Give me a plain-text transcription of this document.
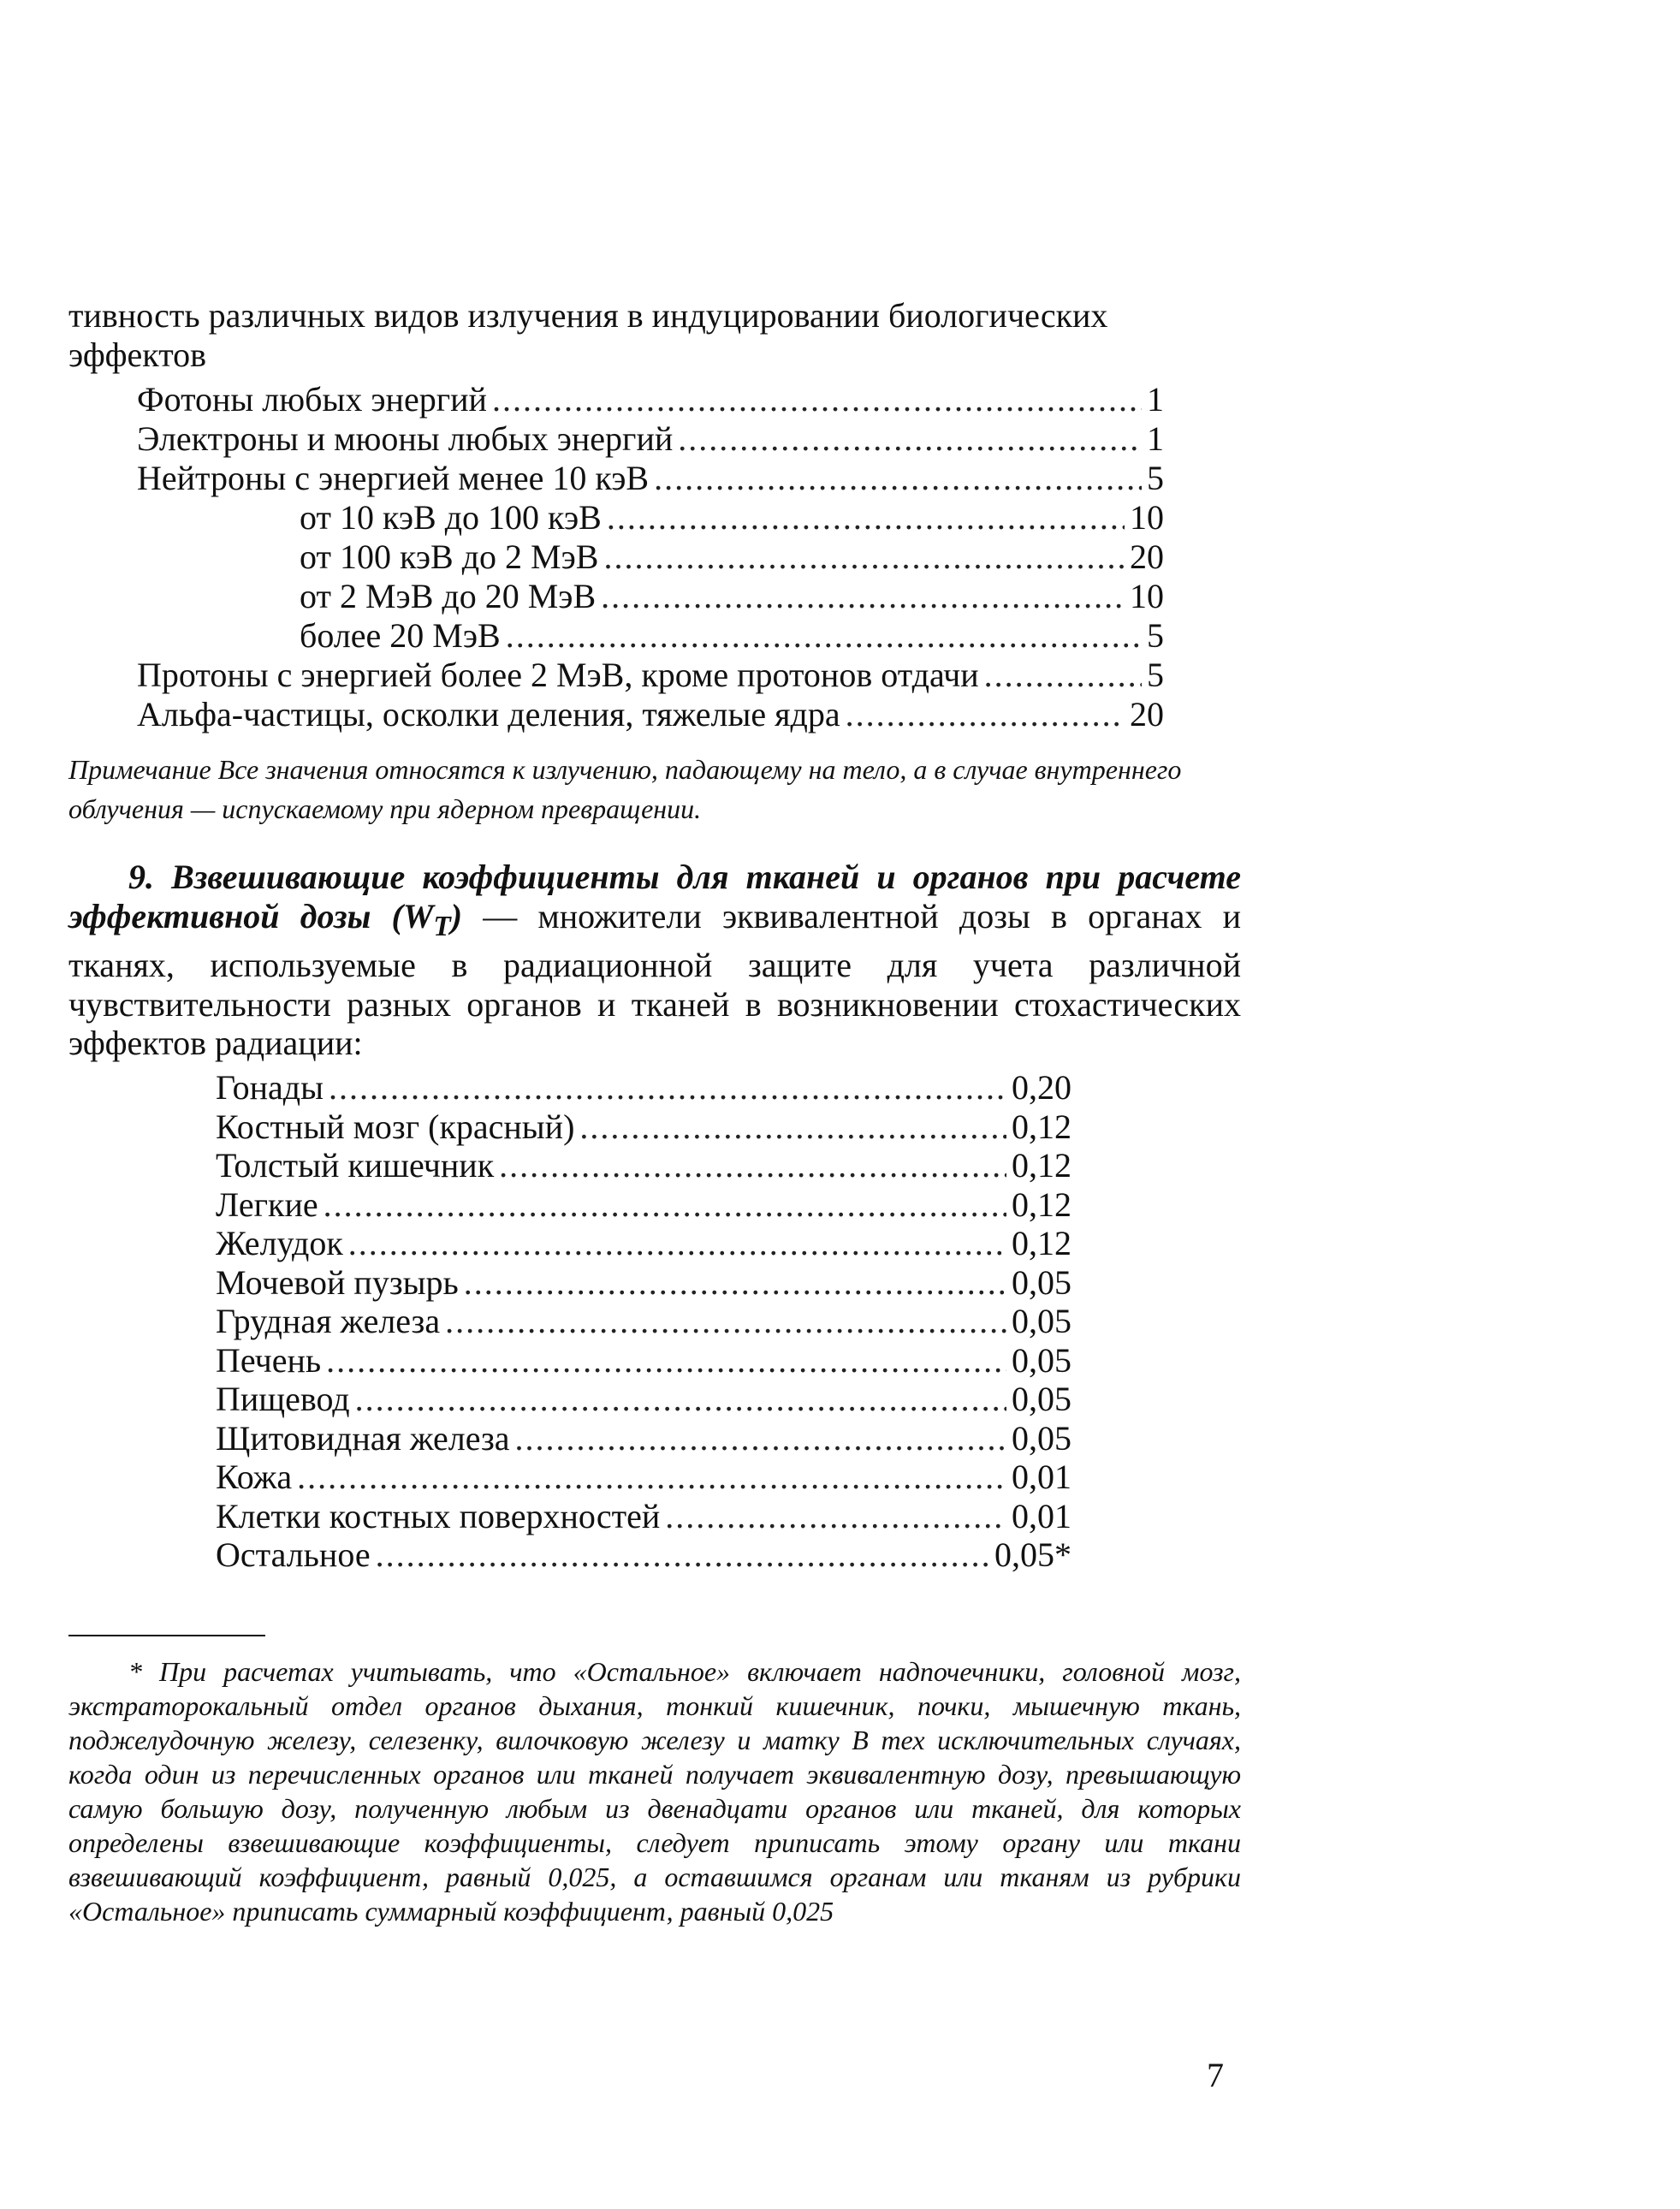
тивность различных видов излучения в индуцировании биологических эффектов
Фотоны любых энергий .....	1
Электроны и мюоны любых энергий .....	1
Нейтроны с энергией менее 10 кэВ .....	5
от 10 кэВ до 100 кэВ .....	10
от 100 кэВ до 2 МэВ .....	20
от 2 МэВ до 20 МэВ .....	10
более 20 МэВ .....	5
Протоны с энергией более 2 МэВ, кроме протонов отдачи .....	5
Альфа-частицы, осколки деления, тяжелые ядра .....	20
Примечание Все значения относятся к излучению, падающему на тело, а в случае внутреннего облучения — испускаемому при ядерном превращении.
9. Взвешивающие коэффициенты для тканей и органов при расчете эффективной дозы $(W_T)$ — множители эквивалентной дозы в органах и тканях, используемые в радиационной защите для учета различной чувствительности разных органов и тканей в возникновении стохастических эффектов радиации:
Гонады .....	0,20
Костный мозг (красный) .....	0,12
Толстый кишечник .....	0,12
Легкие .....	0,12
Желудок .....	0,12
Мочевой пузырь .....	0,05
Грудная железа .....	0,05
Печень .....	0,05
Пищевод .....	0,05
Щитовидная железа .....	0,05
Кожа .....	0,01
Клетки костных поверхностей .....	0,01
Остальное .....	0,05*
* При расчетах учитывать, что «Остальное» включает надпочечники, головной мозг, экстраторокальный отдел органов дыхания, тонкий кишечник, почки, мышечную ткань, поджелудочную железу, селезенку, вилочковую железу и матку В тех исключительных случаях, когда один из перечисленных органов или тканей получает эквивалентную дозу, превышающую самую большую дозу, полученную любым из двенадцати органов или тканей, для которых определены взвешивающие коэффициенты, следует приписать этому органу или ткани взвешивающий коэффициент, равный 0,025, а оставшимся органам или тканям из рубрики «Остальное» приписать суммарный коэффициент, равный 0,025
7
